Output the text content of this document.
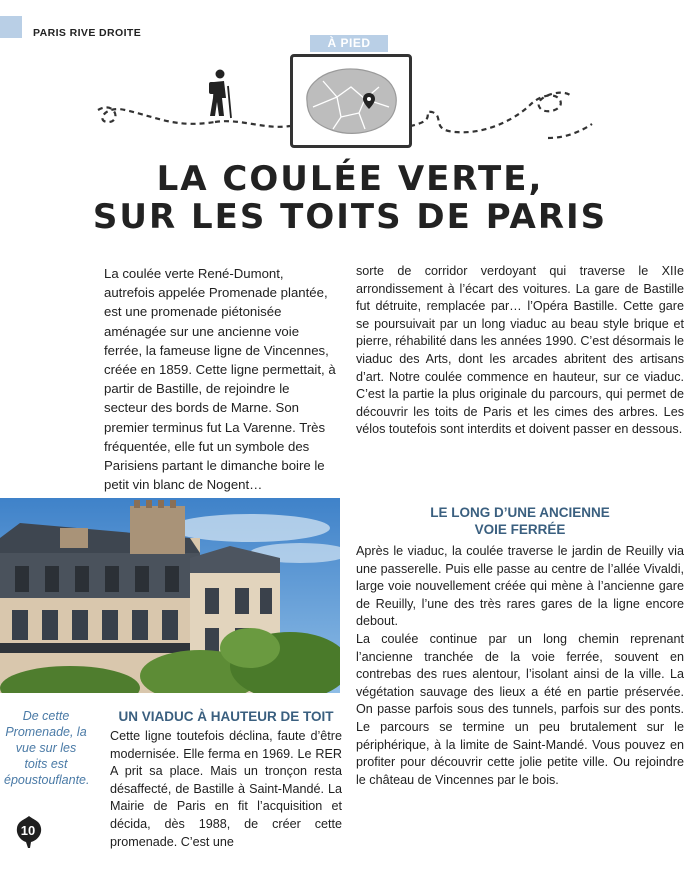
PARIS RIVE DROITE
À PIED
LA COULÉE VERTE,
SUR LES TOITS DE PARIS

La coulée verte René-Dumont, autrefois appelée Promenade plantée, est une promenade piétonisée aménagée sur une ancienne voie ferrée, la fameuse ligne de Vincennes, créée en 1859. Cette ligne permettait, à partir de Bastille, de rejoindre le secteur des bords de Marne. Son premier terminus fut La Varenne. Très fréquentée, elle fut un symbole des Parisiens partant le dimanche boire le petit vin blanc de Nogent…

sorte de corridor verdoyant qui traverse le XIIe arrondissement à l’écart des voitures. La gare de Bastille fut détruite, remplacée par… l’Opéra Bastille. Cette gare se poursuivait par un long viaduc au beau style brique et pierre, réhabilité dans les années 1990. C’est désormais le viaduc des Arts, dont les arcades abritent des artisans d’art. Notre coulée commence en hauteur, sur ce viaduc. C’est la partie la plus originale du parcours, qui permet de découvrir les toits de Paris et les cimes des arbres. Les vélos toutefois sont interdits et doivent passer en dessous.

LE LONG D’UNE ANCIENNE
VOIE FERRÉE

Après le viaduc, la coulée traverse le jardin de Reuilly via une passerelle. Puis elle passe au centre de l’allée Vivaldi, large voie nouvellement créée qui mène à l’ancienne gare de Reuilly, l’une des très rares gares de la ligne encore debout.

La coulée continue par un long chemin reprenant l’ancienne tranchée de la voie ferrée, souvent en contrebas des rues alentour, l’isolant ainsi de la ville. La végétation sauvage des lieux a été en partie préservée. On passe parfois sous des tunnels, parfois sur des ponts. Le parcours se termine un peu brutalement sur le périphérique, à la limite de Saint-Mandé. Vous pouvez en profiter pour découvrir cette jolie petite ville. Ou rejoindre le château de Vincennes par le bois.

De cette Promenade, la vue sur les toits est époustouflante.
UN VIADUC À HAUTEUR DE TOIT

Cette ligne toutefois déclina, faute d’être modernisée. Elle ferma en 1969. Le RER A prit sa place. Mais un tronçon resta désaffecté, de Bastille à Saint-Mandé. La Mairie de Paris en fit l’acquisition et décida, dès 1988, de créer cette promenade. C’est une

10
